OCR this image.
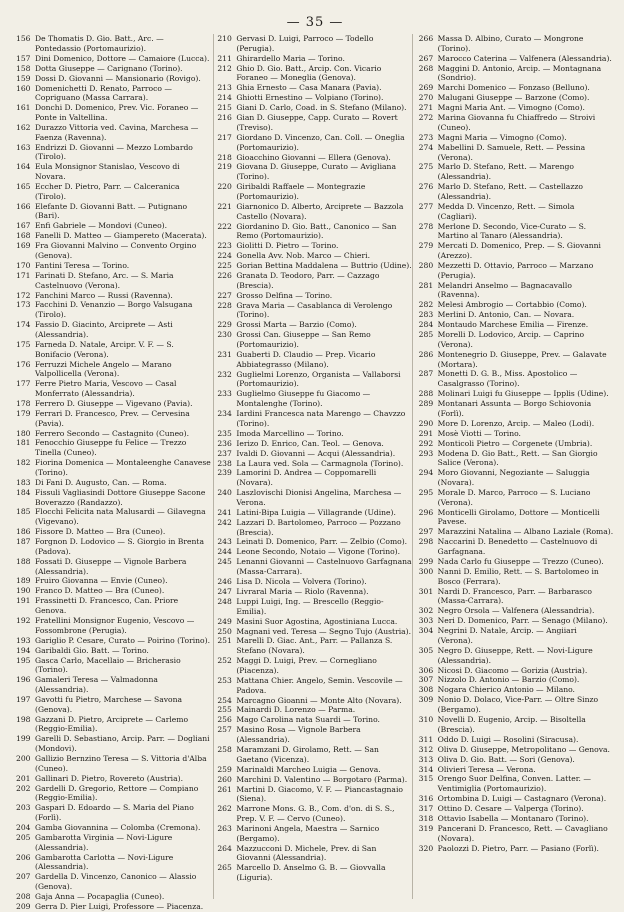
— 35 —
156 De Thomatis D. Gio. Batt., Arc. — Pontedassio (Portomaurizio).
157 Dini Domenico, Dottore — Camaiore (Lucca).
158 Dotta Giuseppe — Carignano (Torino).
159 Dossi D. Giovanni — Mansionario (Rovigo).
160 Domenichetti D. Renato, Parroco — Copriguano (Massa Carrara).
161 Donchi D. Domenico, Prev. Vic. Foraneo — Ponte in Valtellina.
162 Durazzo Vittoria ved. Cavina, Marchesa — Faenza (Ravenna).
163 Endrizzi D. Giovanni — Mezzo Lombardo (Tirolo).
164 Eula Monsignor Stanislao, Vescovo di Novara.
165 Eccher D. Pietro, Parr. — Calceranica (Tirolo).
166 Elefante D. Giovanni Batt. — Putignano (Bari).
167 Enfi Gabriele — Mondovi (Cuneo).
168 Fanelli D. Matteo — Giampereto (Macerata).
169 Fra Giovanni Malvino — Convento Orgino (Genova).
170 Fantini Teresa — Torino.
171 Farinati D. Stefano, Arc. — S. Maria Castelnuovo (Verona).
172 Fanchini Marco — Russi (Ravenna).
173 Facchini D. Venanzio — Borgo Valsugana (Tirolo).
174 Fassio D. Giacinto, Arciprete — Asti (Alessandria).
175 Farneda D. Natale, Arcipr. V. F. — S. Bonifacio (Verona).
176 Ferruzzi Michele Angelo — Marano Valpollicella (Verona).
177 Ferre Pietro Maria, Vescovo — Casal Monferrato (Alessandria).
178 Ferrero D. Giuseppe — Vigevano (Pavia).
179 Ferrari D. Francesco, Prev. — Cervesina (Pavia).
180 Ferrero Secondo — Castagnito (Cuneo).
181 Fenocchio Giuseppe fu Felice — Trezzo Tinella (Cuneo).
182 Fiorina Domenica — Montaleenghe Canavese (Torino).
183 Di Fani D. Augusto, Can. — Roma.
184 Fissuli Vagliasindi Dottore Giuseppe Sacone Boverazzo (Randazzo).
185 Flocchi Felicita nata Malusardi — Gilavegna (Vigevano).
186 Fissore D. Matteo — Bra (Cuneo).
187 Forgnon D. Lodovico — S. Giorgio in Brenta (Padova).
188 Fossati D. Giuseppe — Vignole Barbera (Alessandria).
189 Fruiro Giovanna — Envie (Cuneo).
190 Franco D. Matteo — Bra (Cuneo).
191 Frassinetti D. Francesco, Can. Priore Genova.
192 Fratellini Monsignor Eugenio, Vescovo — Fossombrone (Perugia).
193 Gariglio P. Cesare, Curato — Poirino (Torino).
194 Garibaldi Gio. Batt. — Torino.
195 Gasca Carlo, Macellaio — Bricherasio (Torino).
196 Gamaleri Teresa — Valmadonna (Alessandria).
197 Gavotti fu Pietro, Marchese — Savona (Genova).
198 Gazzani D. Pietro, Arciprete — Carlemo (Reggio-Emilia).
199 Garelli D. Sebastiano, Arcip. Parr. — Dogliani (Mondovi).
200 Gallizio Bernzino Teresa — S. Vittoria d'Alba (Cuneo).
201 Gallinari D. Pietro, Rovereto (Austria).
202 Gardelli D. Gregorio, Rettore — Compiano (Reggio-Emilia).
203 Gaspari D. Edoardo — S. Maria del Piano (Forlì).
204 Gamba Giovannina — Colomba (Cremona).
205 Gambarotta Virginia — Novi-Ligure (Alessandria).
206 Gambarotta Carlotta — Novi-Ligure (Alessandria).
207 Gardella D. Vincenzo, Canonico — Alassio (Genova).
208 Gaja Anna — Pocapaglia (Cuneo).
209 Gerra D. Pier Luigi, Professore — Piacenza.
210 Gervasi D. Luigi, Parroco — Todello (Perugia).
211 Ghirardello Maria — Torino.
212 Ghio D. Gio. Batt., Arcip. Con. Vicario Foraneo — Moneglia (Genova).
213 Ghia Ernesto — Casa Manara (Pavia).
214 Ghiotti Ernestino — Volpiano (Torino).
215 Giani D. Carlo, Coad. in S. Stefano (Milano).
216 Gian D. Giuseppe, Capp. Curato — Rovert (Treviso).
217 Giordano D. Vincenzo, Can. Coll. — Oneglia (Portomaurizio).
218 Gioacchino Giovanni — Ellera (Genova).
219 Giovana D. Giuseppe, Curato — Avigliana (Torino).
220 Giribaldi Raffaele — Montegrazie (Portomaurizio).
221 Giarnonico D. Alberto, Arciprete — Bazzola Castello (Novara).
222 Giordanino D. Gio. Batt., Canonico — San Remo (Portomaurizio).
223 Giolitti D. Pietro — Torino.
224 Gonella Avv. Nob. Marco — Chieri.
225 Gorian Bettina Maddalena — Buttrio (Udine).
226 Granata D. Teodoro, Parr. — Cazzago (Brescia).
227 Grosso Delfina — Torino.
228 Grava Maria — Casablanca di Verolengo (Torino).
229 Grossi Marta — Barzio (Como).
230 Grossi Can. Giuseppe — San Remo (Portomaurizio).
231 Guaberti D. Claudio — Prep. Vicario Abbiategrasso (Milano).
232 Guglielmi Lorenzo, Organista — Vallaborsi (Portomaurizio).
233 Guglielmo Giuseppe fu Giacomo — Montalenghe (Torino).
234 Iardini Francesca nata Marengo — Chavzzo (Torino).
235 Imoda Marcellino — Torino.
236 Ierizo D. Enrico, Can. Teol. — Genova.
237 Ivaldi D. Giovanni — Acqui (Alessandria).
238 La Laura ved. Sola — Carmagnola (Torino).
239 Lamorini D. Andrea — Coppomarelli (Novara).
240 Laszlovischi Dionisi Angelina, Marchesa — Verona.
241 Latini-Bipa Luigia — Villagrande (Udine).
242 Lazzari D. Bartolomeo, Parroco — Pozzano (Brescia).
243 Leinati D. Domenico, Parr. — Zelbio (Como).
244 Leone Secondo, Notaio — Vigone (Torino).
245 Lenanni Giovanni — Castelnuovo Garfagnana (Massa-Carrara).
246 Lisa D. Nicola — Volvera (Torino).
247 Livraral Maria — Riolo (Ravenna).
248 Luppi Luigi, Ing. — Brescello (Reggio-Emilia).
249 Masini Suor Agostina, Agostiniana Lucca.
250 Magnani ved. Teresa — Segno Tujo (Austria).
251 Marelli D. Giac. Ant., Parr. — Pallanza S. Stefano (Novara).
252 Maggi D. Luigi, Prev. — Cornegliano (Piacenza).
253 Mattana Chier. Angelo, Semin. Vescovile — Padova.
254 Marcagno Gioanni — Monte Alto (Novara).
255 Mainardi D. Lorenzo — Parma.
256 Mago Carolina nata Suardi — Torino.
257 Masino Rosa — Vignole Barbera (Alessandria).
258 Maramzani D. Girolamo, Rett. — San Gaetano (Vicenza).
259 Marinaldi Marcheo Luigia — Genova.
260 Marchini D. Valentino — Borgotaro (Parma).
261 Martini D. Giacomo, V. F. — Piancastagnaio (Siena).
262 Marrone Mons. G. B., Com. d'on. di S. S., Prep. V. F. — Cervo (Cuneo).
263 Marinoni Angela, Maestra — Sarnico (Bergamo).
264 Mazzucconi D. Michele, Prev. di San Giovanni (Alessandria).
265 Marcello D. Anselmo G. B. — Giovvalla (Liguria).
266 Massa D. Albino, Curato — Mongrone (Torino).
267 Marocco Caterina — Valfenera (Alessandria).
268 Maggini D. Antonio, Arcip. — Montagnana (Sondrio).
269 Marchi Domenico — Fonzaso (Belluno).
270 Malugani Giuseppe — Barzone (Como).
271 Magni Maria Ant. — Vimogno (Como).
272 Marina Giovanna fu Chiaffredo — Stroivi (Cuneo).
273 Magni Maria — Vimogno (Como).
274 Mabellini D. Samuele, Rett. — Pessina (Verona).
275 Marlo D. Stefano, Rett. — Marengo (Alessandria).
276 Marlo D. Stefano, Rett. — Castellazzo (Alessandria).
277 Medda D. Vincenzo, Rett. — Simola (Cagliari).
278 Merlone D. Secondo, Vice-Curato — S. Martino al Tanaro (Alessandria).
279 Mercati D. Domenico, Prep. — S. Giovanni (Arezzo).
280 Mezzetti D. Ottavio, Parroco — Marzano (Perugia).
281 Melandri Anselmo — Bagnacavallo (Ravenna).
282 Melesi Ambrogio — Cortabbio (Como).
283 Merlini D. Antonio, Can. — Novara.
284 Montaudo Marchese Emilia — Firenze.
285 Morelli D. Lodovico, Arcip. — Caprino (Verona).
286 Montenegrio D. Giuseppe, Prev. — Galavate (Mortara).
287 Monetti D. G. B., Miss. Apostolico — Casalgrasso (Torino).
288 Molinari Luigi fu Giuseppe — Ipplis (Udine).
289 Montanari Assunta — Borgo Schiovonia (Forlì).
290 More D. Lorenzo, Arcip. — Maleo (Lodi).
291 Mosè Viotti — Torino.
292 Monticoli Pietro — Corgenete (Umbria).
293 Modena D. Gio Batt., Rett. — San Giorgio Salice (Verona).
294 Moro Giovanni, Negoziante — Saluggia (Novara).
295 Morale D. Marco, Parroco — S. Luciano (Verona).
296 Monticelli Girolamo, Dottore — Monticelli Pavese.
297 Marazzini Natalina — Albano Laziale (Roma).
298 Naccarini D. Benedetto — Castelnuovo di Garfagnana.
299 Nada Carlo fu Giuseppe — Trezzo (Cuneo).
300 Nanni D. Emilio, Rett. — S. Bartolomeo in Bosco (Ferrara).
301 Nardi D. Francesco, Parr. — Barbarasco (Massa-Carrara).
302 Negro Orsola — Valfenera (Alessandria).
303 Neri D. Domenico, Parr. — Senago (Milano).
304 Negrini D. Natale, Arcip. — Angiiari (Verona).
305 Negro D. Giuseppe, Rett. — Novi-Ligure (Alessandria).
306 Nicosi D. Giacomo — Gorizia (Austria).
307 Nizzolo D. Antonio — Barzio (Como).
308 Nogara Chierico Antonio — Milano.
309 Nonio D. Dolaco, Vice-Parr. — Oltre Sinzo (Bergamo).
310 Novelli D. Eugenio, Arcip. — Bisoltella (Brescia).
311 Oddo D. Luigi — Rosolini (Siracusa).
312 Oliva D. Giuseppe, Metropolitano — Genova.
313 Oliva D. Gio. Batt. — Sori (Genova).
314 Olivieri Teresa — Verona.
315 Orengo Suor Delfina, Conven. Latter. — Ventimiglia (Portomaurizio).
316 Ortombina D. Luigi — Castagnaro (Verona).
317 Ottino D. Cesare — Valperga (Torino).
318 Ottavio Isabella — Montanaro (Torino).
319 Pancerani D. Francesco, Rett. — Cavagliano (Novara).
320 Paolozzi D. Pietro, Parr. — Pasiano (Forlì).
